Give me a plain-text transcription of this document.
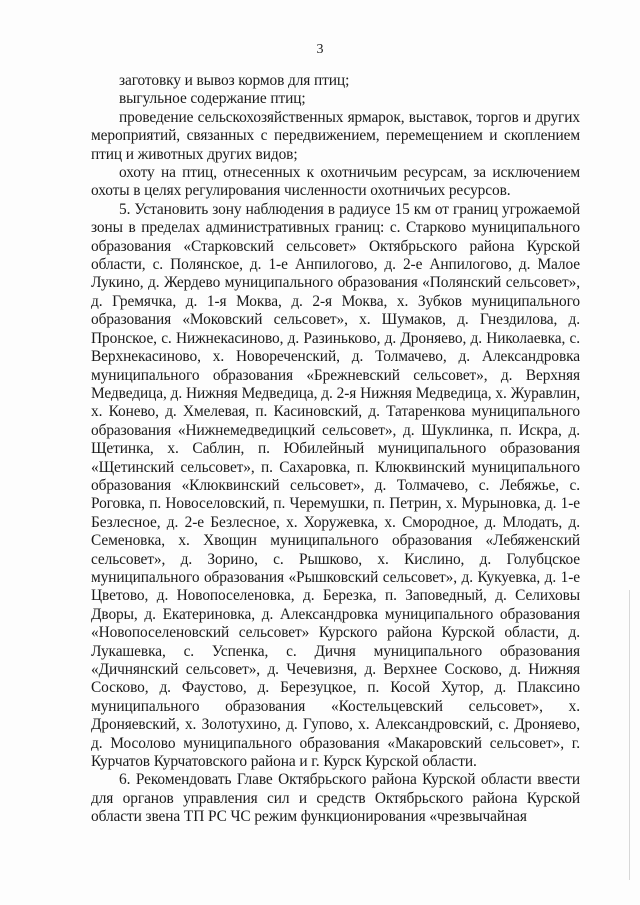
3

заготовку и вывоз кормов для птиц;

выгульное содержание птиц;

проведение сельскохозяйственных ярмарок, выставок, торгов и других мероприятий, связанных с передвижением, перемещением и скоплением птиц и животных других видов;

охоту на птиц, отнесенных к охотничьим ресурсам, за исключением охоты в целях регулирования численности охотничьих ресурсов.

5. Установить зону наблюдения в радиусе 15 км от границ угрожаемой зоны в пределах административных границ: с. Старково муниципального образования «Старковский сельсовет» Октябрьского района Курской области, с. Полянское, д. 1-е Анпилогово, д. 2-е Анпилогово, д. Малое Лукино, д. Жердево муниципального образования «Полянский сельсовет», д. Гремячка, д. 1-я Моква, д. 2-я Моква, х. Зубков муниципального образования «Моковский сельсовет», х. Шумаков, д. Гнездилова, д. Пронское, с. Нижнекасиново, д. Разиньково, д. Дроняево, д. Николаевка, с. Верхнекасиново, х. Новореченский, д. Толмачево, д. Александровка муниципального образования «Брежневский сельсовет», д. Верхняя Медведица, д. Нижняя Медведица, д. 2-я Нижняя Медведица, х. Журавлин, х. Конево, д. Хмелевая, п. Касиновский, д. Татаренкова муниципального образования «Нижнемедведицкий сельсовет», д. Шуклинка, п. Искра, д. Щетинка, х. Саблин, п. Юбилейный муниципального образования «Щетинский сельсовет», п. Сахаровка, п. Клюквинский муниципального образования «Клюквинский сельсовет», д. Толмачево, с. Лебяжье, с. Роговка, п. Новоселовский, п. Черемушки, п. Петрин, х. Мурыновка, д. 1-е Безлесное, д. 2-е Безлесное, х. Хоружевка, х. Смородное, д. Млодать, д. Семеновка, х. Хвощин муниципального образования «Лебяженский сельсовет», д. Зорино, с. Рышково, х. Кислино, д. Голубцское муниципального образования «Рышковский сельсовет», д. Кукуевка, д. 1-е Цветово, д. Новопоселеновка, д. Березка, п. Заповедный, д. Селиховы Дворы, д. Екатериновка, д. Александровка муниципального образования «Новопоселеновский сельсовет» Курского района Курской области, д. Лукашевка, с. Успенка, с. Дичня муниципального образования «Дичнянский сельсовет», д. Чечевизня, д. Верхнее Сосково, д. Нижняя Сосково, д. Фаустово, д. Березуцкое, п. Косой Хутор, д. Плаксино муниципального образования «Костельцевский сельсовет», х. Дроняевский, х. Золотухино, д. Гупово, х. Александровский, с. Дроняево, д. Мосолово муниципального образования «Макаровский сельсовет», г. Курчатов Курчатовского района и г. Курск Курской области.

6. Рекомендовать Главе Октябрьского района Курской области ввести для органов управления сил и средств Октябрьского района Курской области звена ТП РС ЧС режим функционирования «чрезвычайная
